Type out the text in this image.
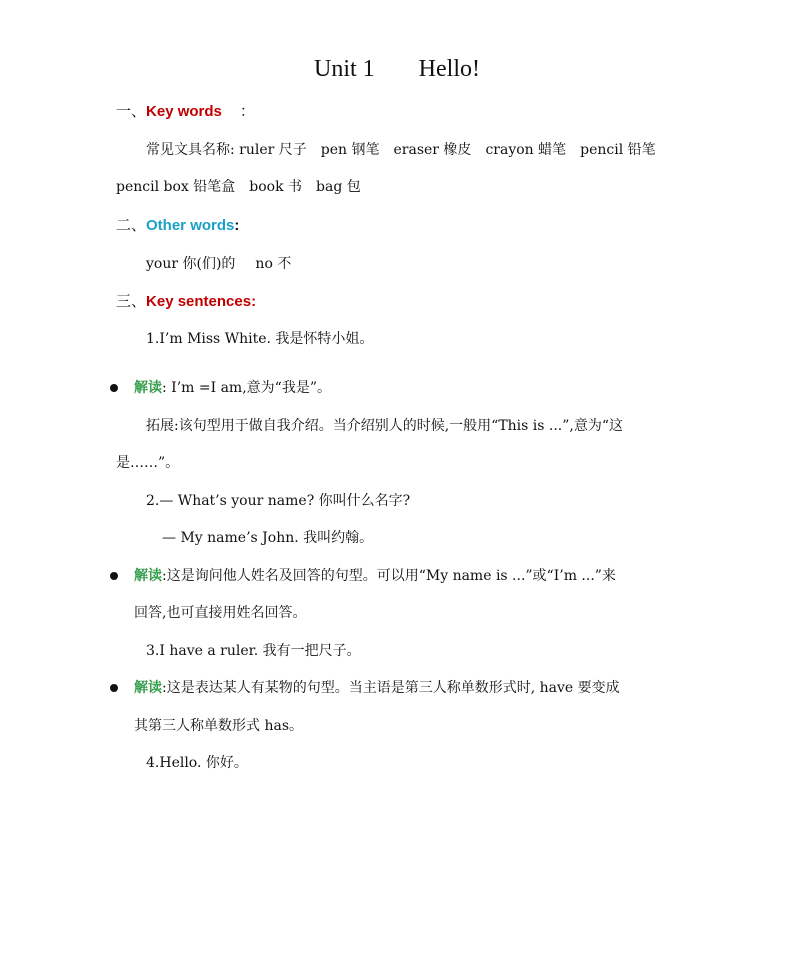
Unit 1 Hello!
一、Key words ：
常见文具名称: ruler 尺子 pen 钢笔 eraser 橡皮 crayon 蜡笔 pencil 铅笔
pencil box 铅笔盒 book 书 bag 包
二、Other words:
your 你(们)的 no 不
三、Key sentences:
1.I’m Miss White. 我是怀特小姐。
解读: I’m =I am,意为“我是”。
拓展:该句型用于做自我介绍。当介绍别人的时候,一般用“This is ...”,意为“这
是……”。
2.— What’s your name? 你叫什么名字?
— My name’s John. 我叫约翰。
解读:这是询问他人姓名及回答的句型。可以用“My name is ...”或“I’m ...”来
回答,也可直接用姓名回答。
3.I have a ruler. 我有一把尺子。
解读:这是表达某人有某物的句型。当主语是第三人称单数形式时, have 要变成
其第三人称单数形式 has。
4.Hello. 你好。
